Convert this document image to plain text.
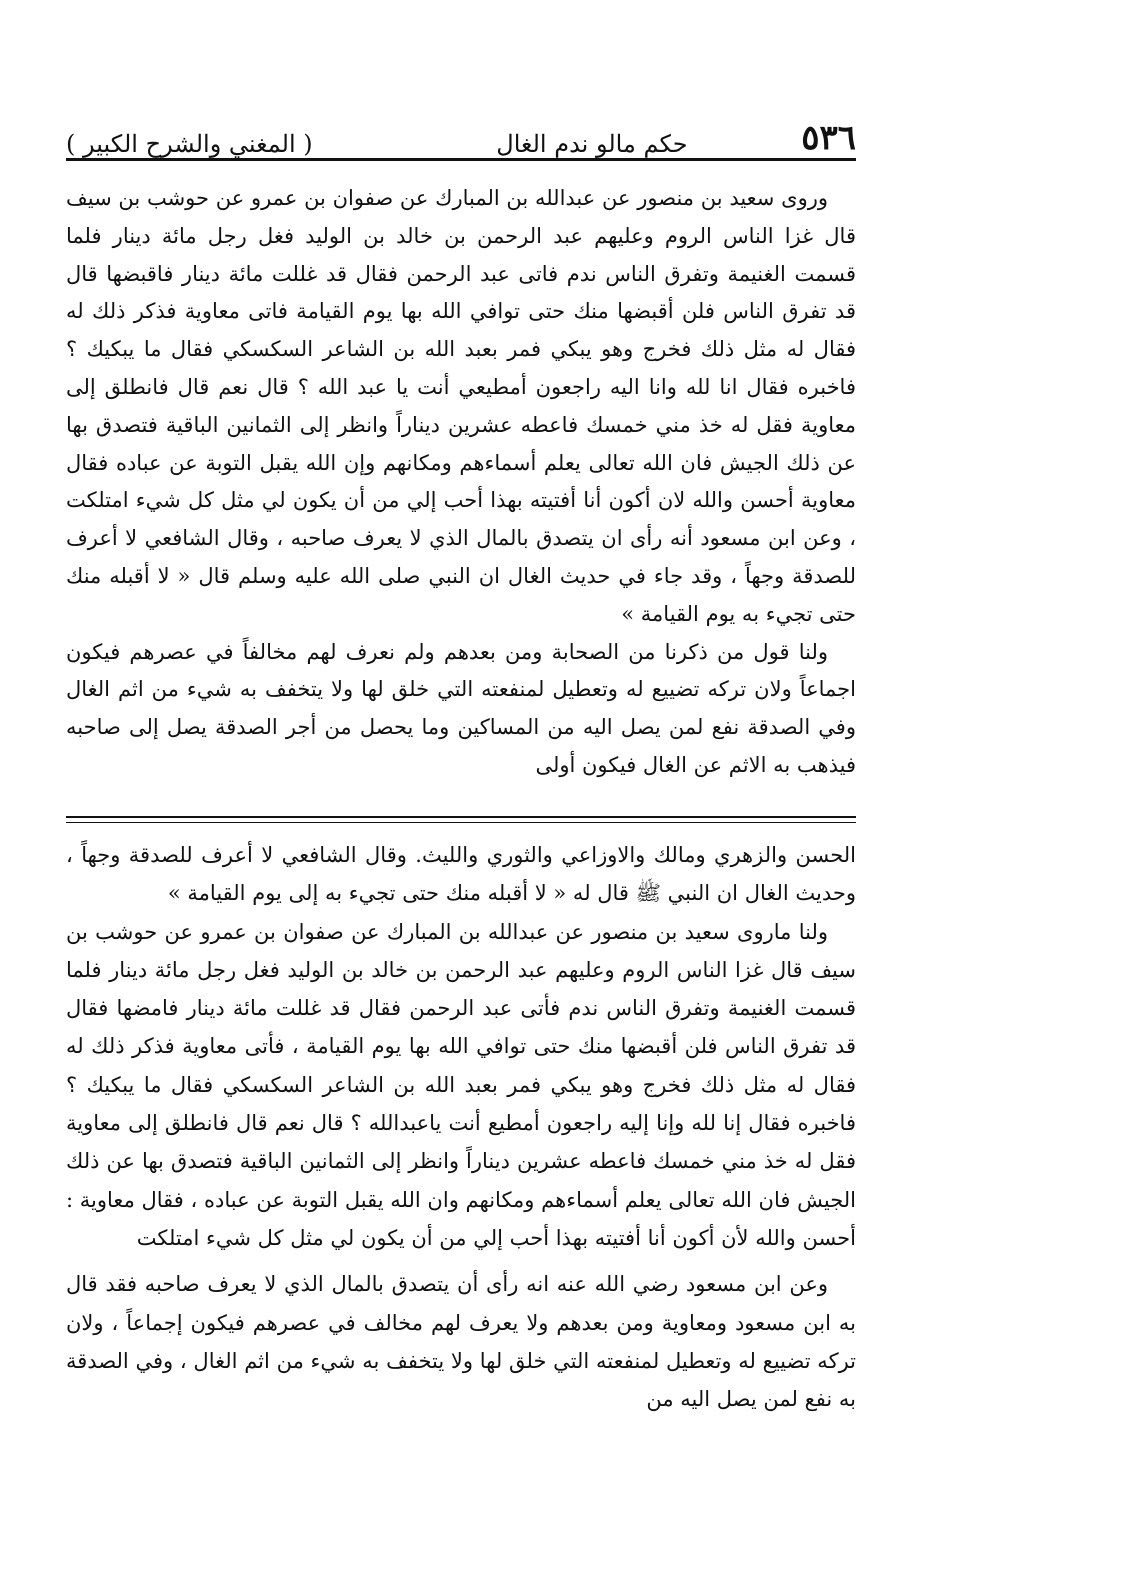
٥٣٦
حكم مالو ندم الغال
( المغني والشرح الكبير )

وروى سعيد بن منصور عن عبدالله بن المبارك عن صفوان بن عمرو عن حوشب بن سيف قال غزا الناس الروم وعليهم عبد الرحمن بن خالد بن الوليد فغل رجل مائة دينار فلما قسمت الغنيمة وتفرق الناس ندم فاتى عبد الرحمن فقال قد غللت مائة دينار فاقبضها قال قد تفرق الناس فلن أقبضها منك حتى توافي الله بها يوم القيامة فاتى معاوية فذكر ذلك له فقال له مثل ذلك فخرج وهو يبكي فمر بعبد الله بن الشاعر السكسكي فقال ما يبكيك ؟ فاخبره فقال انا لله وانا اليه راجعون أمطيعي أنت يا عبد الله ؟ قال نعم قال فانطلق إلى معاوية فقل له خذ مني خمسك فاعطه عشرين ديناراً وانظر إلى الثمانين الباقية فتصدق بها عن ذلك الجيش فان الله تعالى يعلم أسماءهم ومكانهم وإن الله يقبل التوبة عن عباده فقال معاوية أحسن والله لان أكون أنا أفتيته بهذا أحب إلي من أن يكون لي مثل كل شيء امتلكت ، وعن ابن مسعود أنه رأى ان يتصدق بالمال الذي لا يعرف صاحبه ، وقال الشافعي لا أعرف للصدقة وجهاً ، وقد جاء في حديث الغال ان النبي صلى الله عليه وسلم قال « لا أقبله منك حتى تجيء به يوم القيامة »

ولنا قول من ذكرنا من الصحابة ومن بعدهم ولم نعرف لهم مخالفاً في عصرهم فيكون اجماعاً ولان تركه تضييع له وتعطيل لمنفعته التي خلق لها ولا يتخفف به شيء من اثم الغال وفي الصدقة نفع لمن يصل اليه من المساكين وما يحصل من أجر الصدقة يصل إلى صاحبه فيذهب به الاثم عن الغال فيكون أولى

الحسن والزهري ومالك والاوزاعي والثوري والليث. وقال الشافعي لا أعرف للصدقة وجهاً ، وحديث الغال ان النبي ﷺ قال له « لا أقبله منك حتى تجيء به إلى يوم القيامة »

ولنا ماروى سعيد بن منصور عن عبدالله بن المبارك عن صفوان بن عمرو عن حوشب بن سيف قال غزا الناس الروم وعليهم عبد الرحمن بن خالد بن الوليد فغل رجل مائة دينار فلما قسمت الغنيمة وتفرق الناس ندم فأتى عبد الرحمن فقال قد غللت مائة دينار فامضها فقال قد تفرق الناس فلن أقبضها منك حتى توافي الله بها يوم القيامة ، فأتى معاوية فذكر ذلك له فقال له مثل ذلك فخرج وهو يبكي فمر بعبد الله بن الشاعر السكسكي فقال ما يبكيك ؟ فاخبره فقال إنا لله وإنا إليه راجعون أمطيع أنت ياعبدالله ؟ قال نعم قال فانطلق إلى معاوية فقل له خذ مني خمسك فاعطه عشرين ديناراً وانظر إلى الثمانين الباقية فتصدق بها عن ذلك الجيش فان الله تعالى يعلم أسماءهم ومكانهم وان الله يقبل التوبة عن عباده ، فقال معاوية : أحسن والله لأن أكون أنا أفتيته بهذا أحب إلي من أن يكون لي مثل كل شيء امتلكت

وعن ابن مسعود رضي الله عنه انه رأى أن يتصدق بالمال الذي لا يعرف صاحبه فقد قال به ابن مسعود ومعاوية ومن بعدهم ولا يعرف لهم مخالف في عصرهم فيكون إجماعاً ، ولان تركه تضييع له وتعطيل لمنفعته التي خلق لها ولا يتخفف به شيء من اثم الغال ، وفي الصدقة به نفع لمن يصل اليه من
